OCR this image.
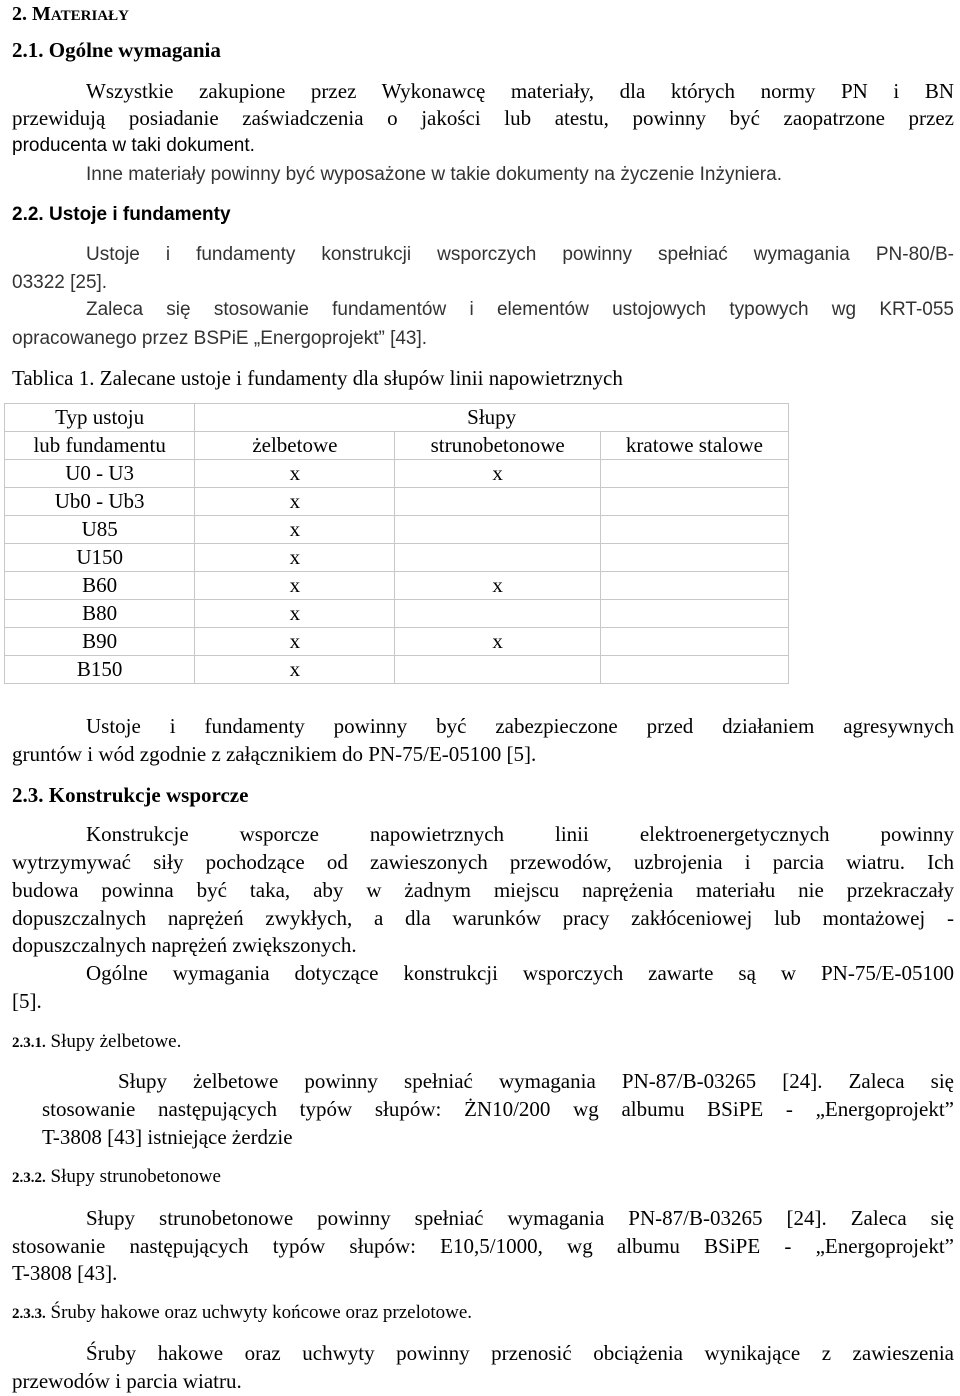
2. MATERIAŁY
2.1. Ogólne wymagania
Wszystkie zakupione przez Wykonawcę materiały, dla których normy PN i BN
przewidują posiadanie zaświadczenia o jakości lub atestu, powinny być zaopatrzone przez
producenta w taki dokument.
Inne materiały powinny być wyposażone w takie dokumenty na życzenie Inżyniera.
2.2. Ustoje i fundamenty
Ustoje i fundamenty konstrukcji wsporczych powinny spełniać wymagania PN-80/B-
03322 [25].
Zaleca się stosowanie fundamentów i elementów ustojowych typowych wg KRT-055
opracowanego przez BSPiE „Energoprojekt” [43].
Tablica 1. Zalecane ustoje i fundamenty dla słupów linii napowietrznych
Typ ustoju	Słupy		
lub fundamentu	żelbetowe	strunobetonowe	kratowe stalowe
U0 - U3	x	x	
Ub0 - Ub3	x		
U85	x		
U150	x		
B60	x	x	
B80	x		
B90	x	x	
B150	x		
Ustoje i fundamenty powinny być zabezpieczone przed działaniem agresywnych
gruntów i wód zgodnie z załącznikiem do PN-75/E-05100 [5].
2.3. Konstrukcje wsporcze
Konstrukcje wsporcze napowietrznych linii elektroenergetycznych powinny
wytrzymywać siły pochodzące od zawieszonych przewodów, uzbrojenia i parcia wiatru. Ich
budowa powinna być taka, aby w żadnym miejscu naprężenia materiału nie przekraczały
dopuszczalnych naprężeń zwykłych, a dla warunków pracy zakłóceniowej lub montażowej -
dopuszczalnych naprężeń zwiększonych.
Ogólne wymagania dotyczące konstrukcji wsporczych zawarte są w PN-75/E-05100
[5].
2.3.1. Słupy żelbetowe.
Słupy żelbetowe powinny spełniać wymagania PN-87/B-03265 [24]. Zaleca się
stosowanie następujących typów słupów: ŻN10/200 wg albumu BSiPE - „Energoprojekt”
T-3808 [43] istniejące żerdzie
2.3.2. Słupy strunobetonowe
Słupy strunobetonowe powinny spełniać wymagania PN-87/B-03265 [24]. Zaleca się
stosowanie następujących typów słupów: E10,5/1000, wg albumu BSiPE - „Energoprojekt”
T-3808 [43].
2.3.3. Śruby hakowe oraz uchwyty końcowe oraz przelotowe.
Śruby hakowe oraz uchwyty powinny przenosić obciążenia wynikające z zawieszenia
przewodów i parcia wiatru.
